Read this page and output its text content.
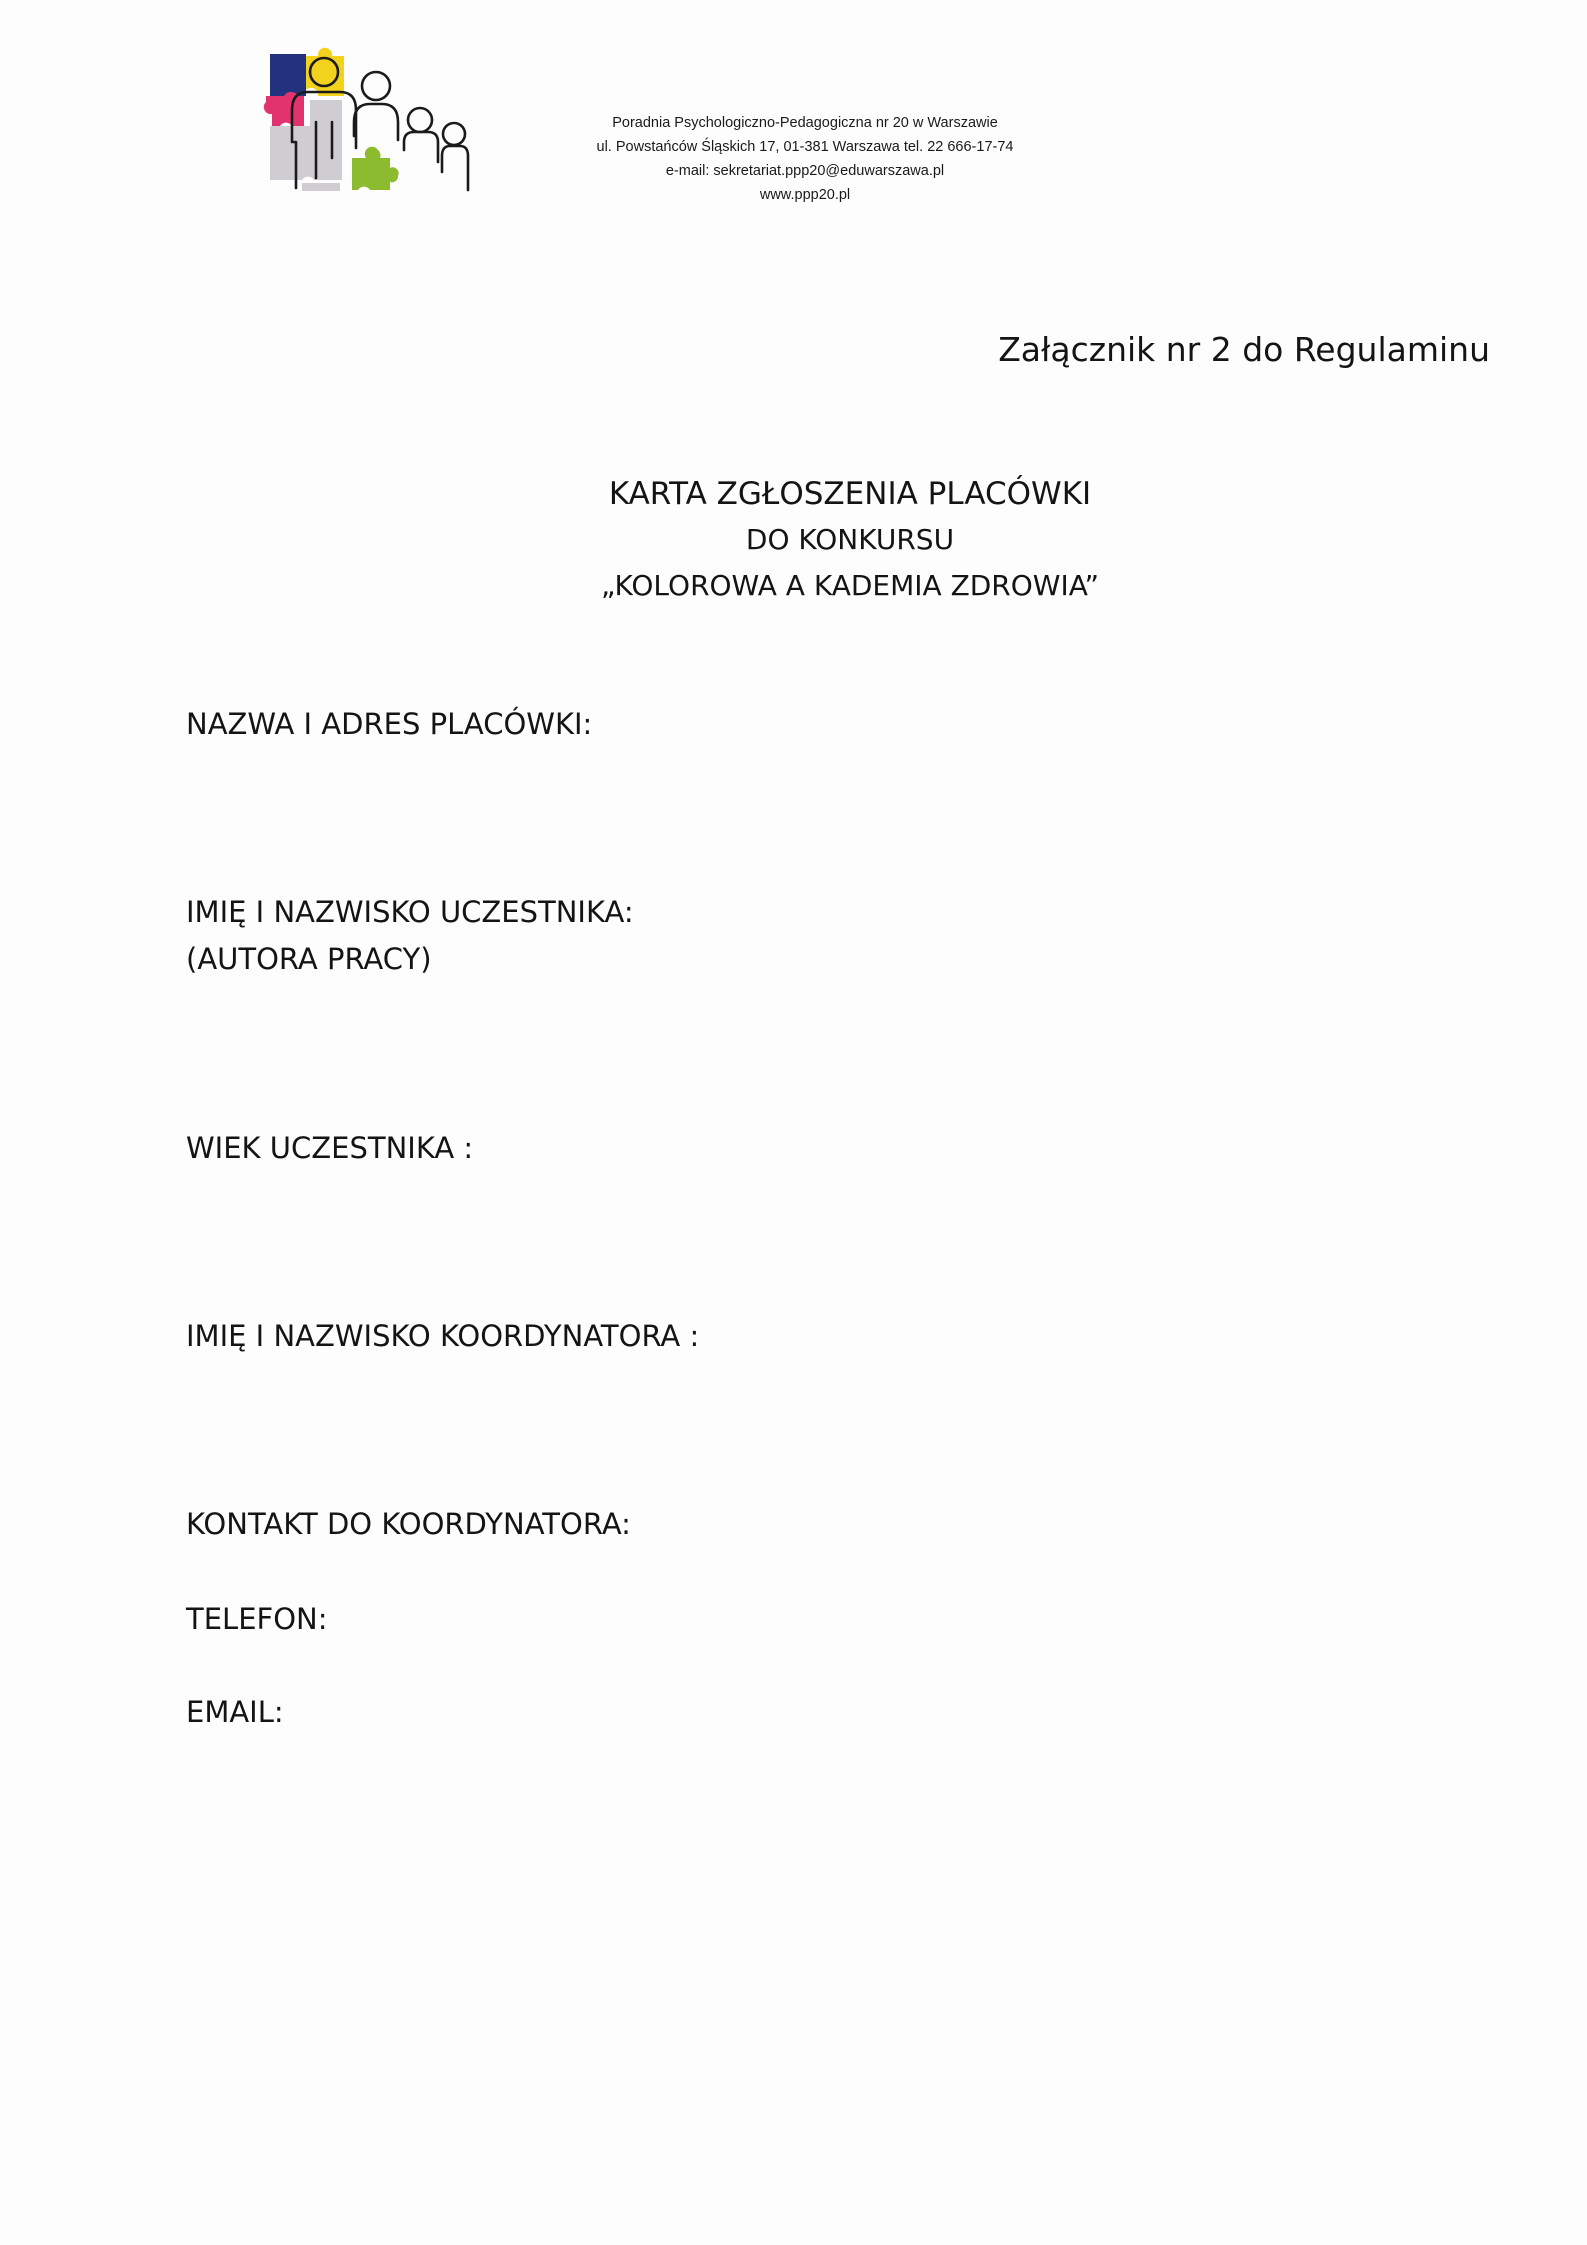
Poradnia Psychologiczno-Pedagogiczna nr 20 w Warszawie
ul. Powstańców Śląskich 17, 01-381 Warszawa tel. 22 666-17-74
e-mail: sekretariat.ppp20@eduwarszawa.pl
www.ppp20.pl
Załącznik nr 2 do Regulaminu
KARTA ZGŁOSZENIA PLACÓWKI
DO KONKURSU
„KOLOROWA A KADEMIA ZDROWIA”
NAZWA I ADRES PLACÓWKI:
IMIĘ I NAZWISKO UCZESTNIKA:
(AUTORA PRACY)
WIEK UCZESTNIKA :
IMIĘ I NAZWISKO KOORDYNATORA :
KONTAKT DO KOORDYNATORA:
TELEFON:
EMAIL:
